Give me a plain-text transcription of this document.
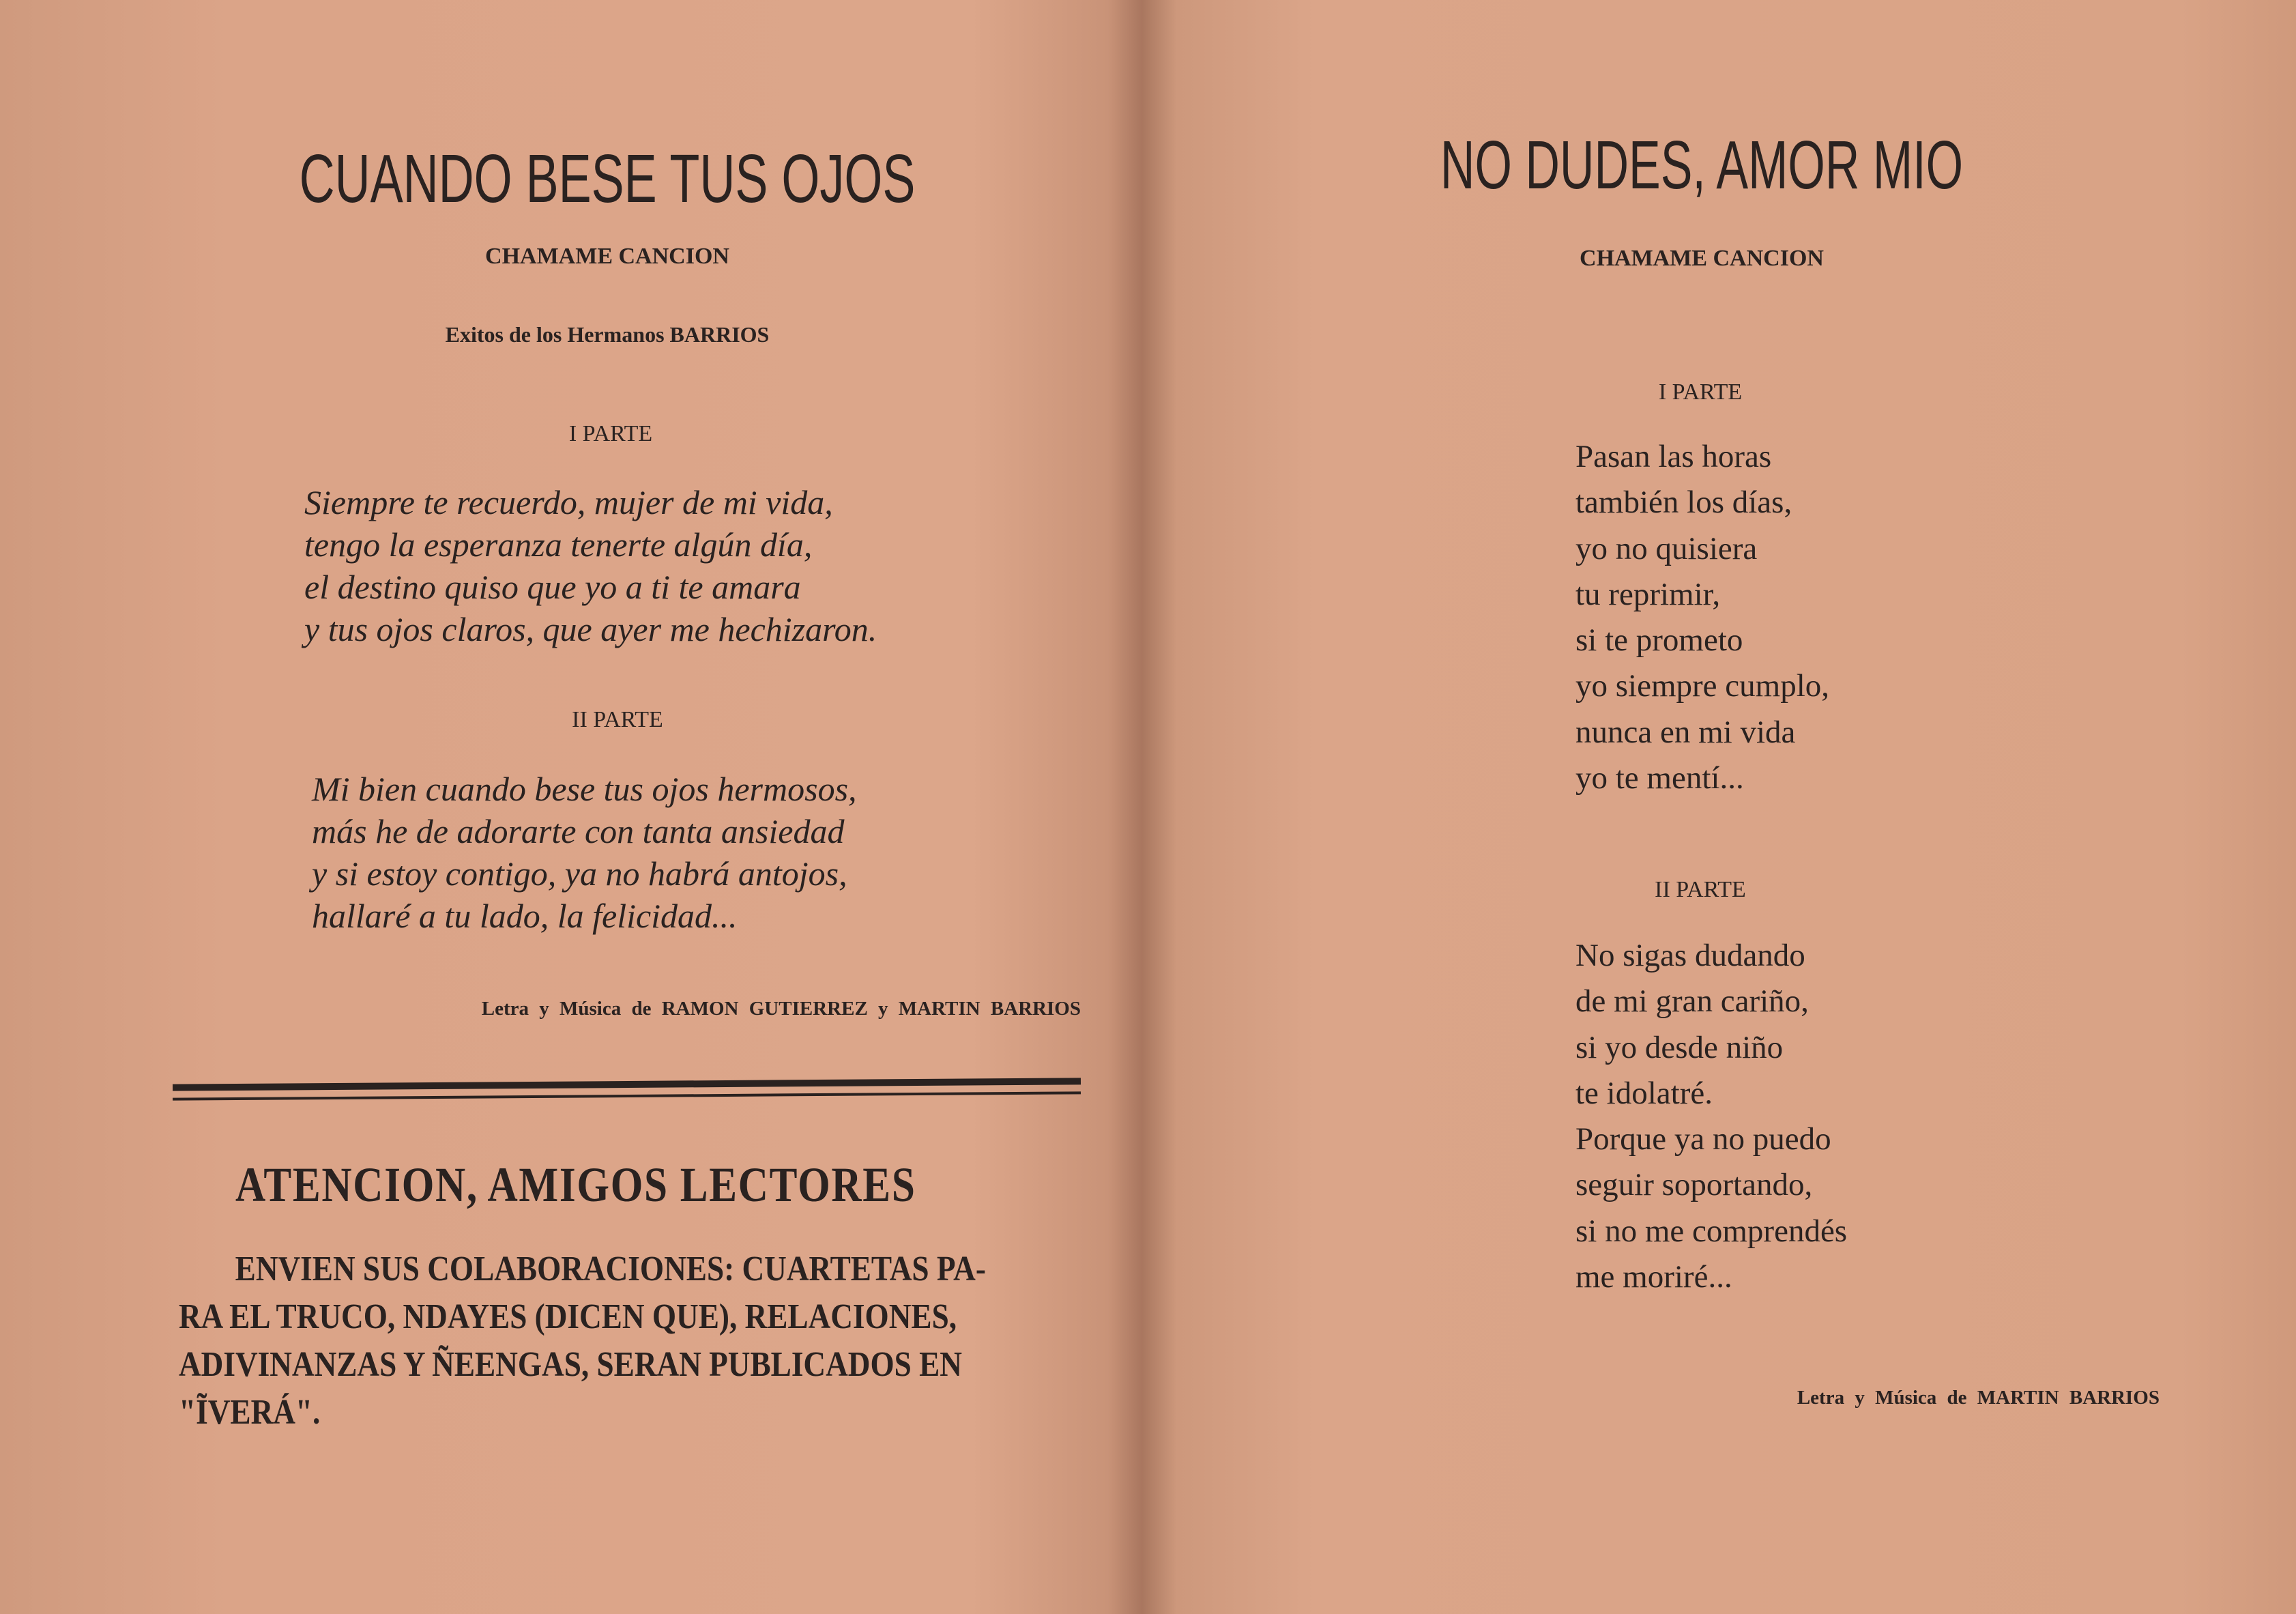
CUANDO BESE TUS OJOS
CHAMAME CANCION
Exitos de los Hermanos BARRIOS
I PARTE
Siempre te recuerdo, mujer de mi vida,
tengo la esperanza tenerte algún día,
el destino quiso que yo a ti te amara
y tus ojos claros, que ayer me hechizaron.
II PARTE
Mi bien cuando bese tus ojos hermosos,
más he de adorarte con tanta ansiedad
y si estoy contigo, ya no habrá antojos,
hallaré a tu lado, la felicidad...
Letra y Música de RAMON GUTIERREZ y MARTIN BARRIOS
ATENCION, AMIGOS LECTORES
ENVIEN SUS COLABORACIONES: CUARTETAS PA-
RA EL TRUCO, NDAYES (DICEN QUE), RELACIONES,
ADIVINANZAS Y ÑEENGAS, SERAN PUBLICADOS EN
"ĨVERÁ".
NO DUDES, AMOR MIO
CHAMAME CANCION
I PARTE
Pasan las horas
también los días,
yo no quisiera
tu reprimir,
si te prometo
yo siempre cumplo,
nunca en mi vida
yo te mentí...
II PARTE
No sigas dudando
de mi gran cariño,
si yo desde niño
te idolatré.
Porque ya no puedo
seguir soportando,
si no me comprendés
me moriré...
Letra y Música de MARTIN BARRIOS
